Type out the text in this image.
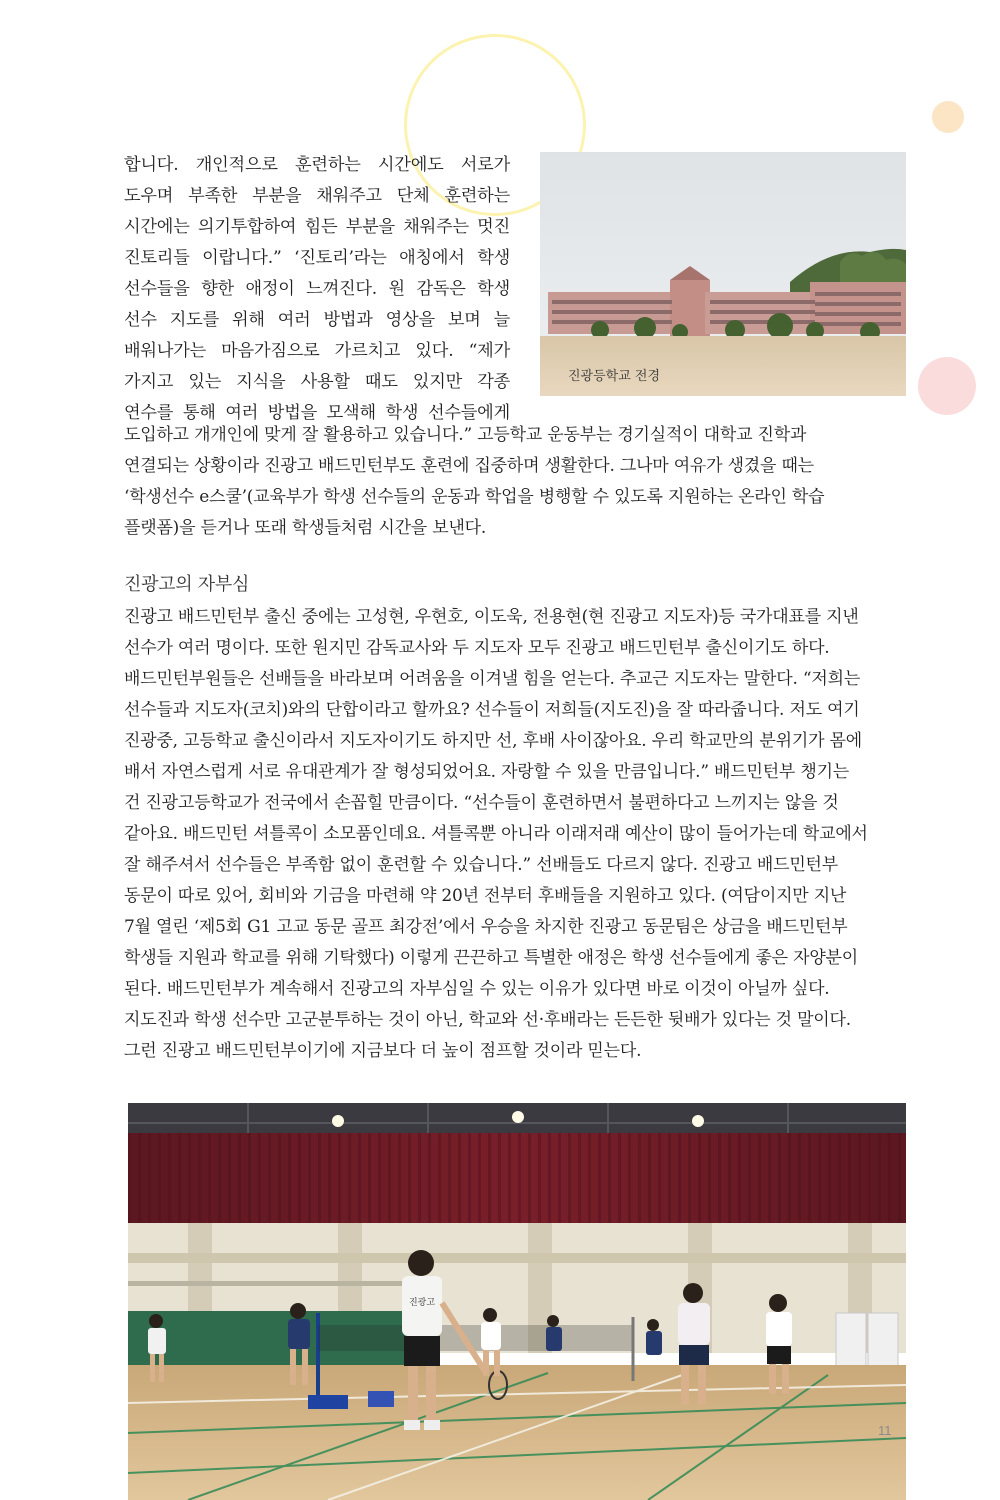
합니다. 개인적으로 훈련하는 시간에도 서로가
도우며 부족한 부분을 채워주고 단체 훈련하는
시간에는 의기투합하여 힘든 부분을 채워주는 멋진
진토리들 이랍니다.” ‘진토리’라는 애칭에서 학생
선수들을 향한 애정이 느껴진다. 원 감독은 학생
선수 지도를 위해 여러 방법과 영상을 보며 늘
배워나가는 마음가짐으로 가르치고 있다. “제가
가지고 있는 지식을 사용할 때도 있지만 각종
연수를 통해 여러 방법을 모색해 학생 선수들에게
진광등학교 전경
도입하고 개개인에 맞게 잘 활용하고 있습니다.” 고등학교 운동부는 경기실적이 대학교 진학과
연결되는 상황이라 진광고 배드민턴부도 훈련에 집중하며 생활한다. 그나마 여유가 생겼을 때는
‘학생선수 e스쿨’(교육부가 학생 선수들의 운동과 학업을 병행할 수 있도록 지원하는 온라인 학습
플랫폼)을 듣거나 또래 학생들처럼 시간을 보낸다.
진광고의 자부심
진광고 배드민턴부 출신 중에는 고성현, 우현호, 이도욱, 전용현(현 진광고 지도자)등 국가대표를 지낸
선수가 여러 명이다. 또한 원지민 감독교사와 두 지도자 모두 진광고 배드민턴부 출신이기도 하다.
배드민턴부원들은 선배들을 바라보며 어려움을 이겨낼 힘을 얻는다. 추교근 지도자는 말한다. “저희는
선수들과 지도자(코치)와의 단합이라고 할까요? 선수들이 저희들(지도진)을 잘 따라줍니다. 저도 여기
진광중, 고등학교 출신이라서 지도자이기도 하지만 선, 후배 사이잖아요. 우리 학교만의 분위기가 몸에
배서 자연스럽게 서로 유대관계가 잘 형성되었어요. 자랑할 수 있을 만큼입니다.” 배드민턴부 챙기는
건 진광고등학교가 전국에서 손꼽힐 만큼이다. “선수들이 훈련하면서 불편하다고 느끼지는 않을 것
같아요. 배드민턴 셔틀콕이 소모품인데요. 셔틀콕뿐 아니라 이래저래 예산이 많이 들어가는데 학교에서
잘 해주셔서 선수들은 부족함 없이 훈련할 수 있습니다.” 선배들도 다르지 않다. 진광고 배드민턴부
동문이 따로 있어, 회비와 기금을 마련해 약 20년 전부터 후배들을 지원하고 있다. (여담이지만 지난
7월 열린 ‘제5회 G1 고교 동문 골프 최강전’에서 우승을 차지한 진광고 동문팀은 상금을 배드민턴부
학생들 지원과 학교를 위해 기탁했다) 이렇게 끈끈하고 특별한 애정은 학생 선수들에게 좋은 자양분이
된다. 배드민턴부가 계속해서 진광고의 자부심일 수 있는 이유가 있다면 바로 이것이 아닐까 싶다.
지도진과 학생 선수만 고군분투하는 것이 아닌, 학교와 선·후배라는 든든한 뒷배가 있다는 것 말이다.
그런 진광고 배드민턴부이기에 지금보다 더 높이 점프할 것이라 믿는다.
진광고
11
